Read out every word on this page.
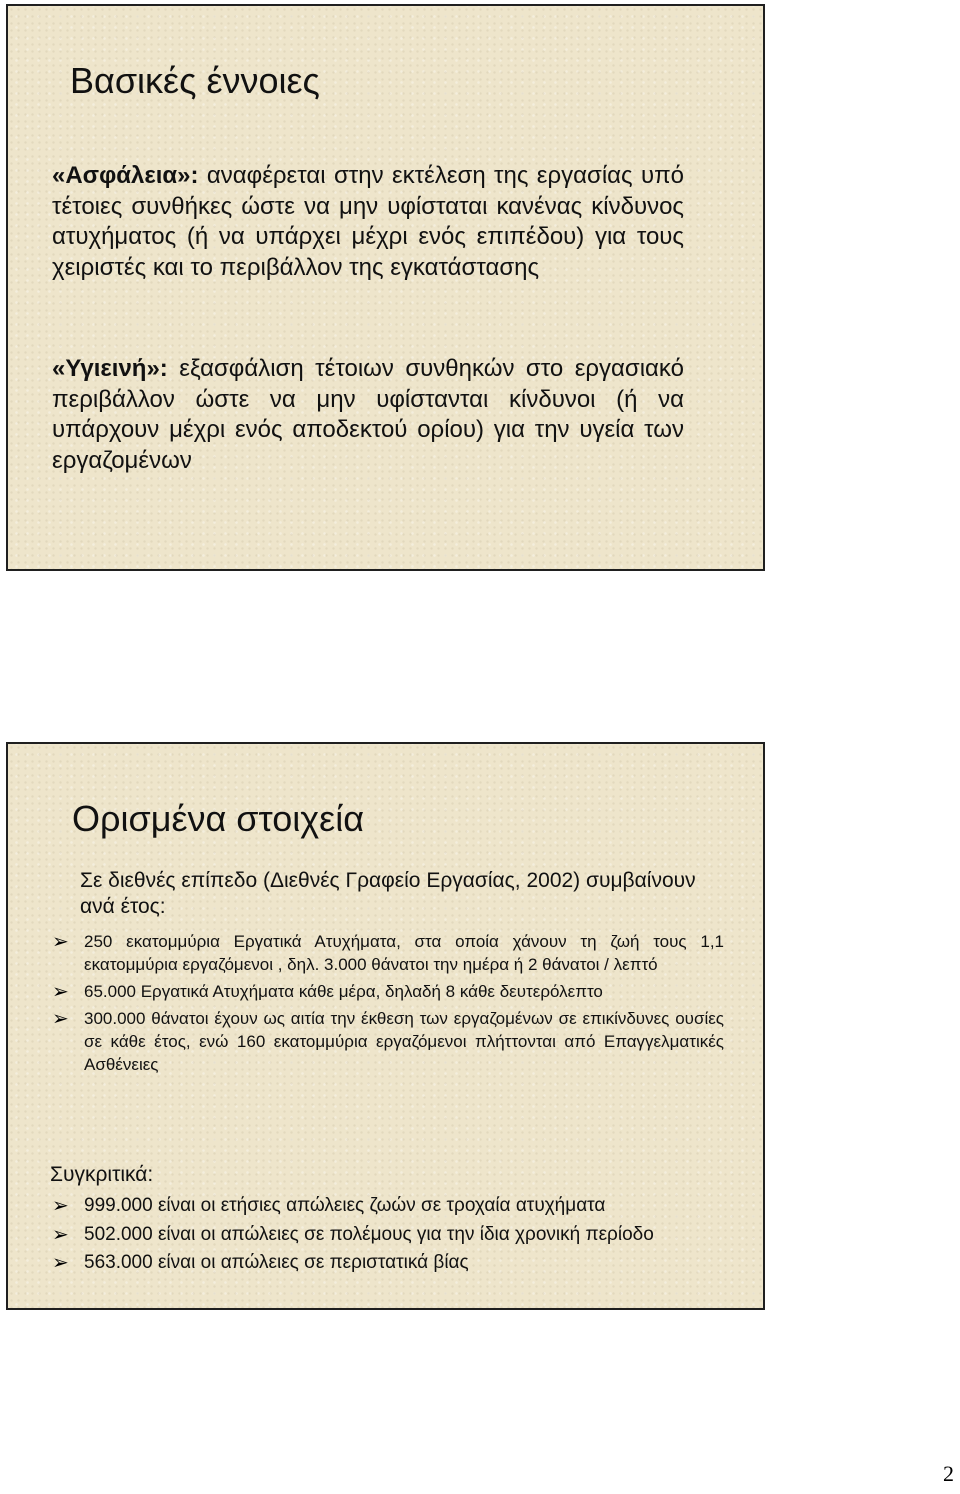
Βασικές έννοιες

«Ασφάλεια»: αναφέρεται στην εκτέλεση της εργασίας υπό τέτοιες συνθήκες ώστε να μην υφίσταται κανένας κίνδυνος ατυχήματος (ή να υπάρχει μέχρι ενός επιπέδου) για τους χειριστές και το περιβάλλον της εγκατάστασης

«Υγιεινή»: εξασφάλιση τέτοιων συνθηκών στο εργασιακό περιβάλλον ώστε να μην υφίστανται κίνδυνοι (ή να υπάρχουν μέχρι ενός αποδεκτού ορίου) για την υγεία των εργαζομένων

Ορισμένα στοιχεία

Σε διεθνές επίπεδο (Διεθνές Γραφείο Εργασίας, 2002) συμβαίνουν ανά έτος:

➢ 250 εκατομμύρια Εργατικά Ατυχήματα, στα οποία χάνουν τη ζωή τους 1,1 εκατομμύρια εργαζόμενοι , δηλ. 3.000 θάνατοι την ημέρα ή 2 θάνατοι / λεπτό
➢ 65.000 Εργατικά Ατυχήματα κάθε μέρα, δηλαδή 8 κάθε δευτερόλεπτο
➢ 300.000 θάνατοι έχουν ως αιτία την έκθεση των εργαζομένων σε επικίνδυνες ουσίες σε κάθε έτος, ενώ 160 εκατομμύρια εργαζόμενοι πλήττονται από Επαγγελματικές Ασθένειες

Συγκριτικά:

➢ 999.000 είναι οι ετήσιες απώλειες ζωών σε τροχαία ατυχήματα
➢ 502.000 είναι οι απώλειες σε πολέμους για την ίδια χρονική περίοδο
➢ 563.000 είναι οι απώλειες σε περιστατικά βίας
2
